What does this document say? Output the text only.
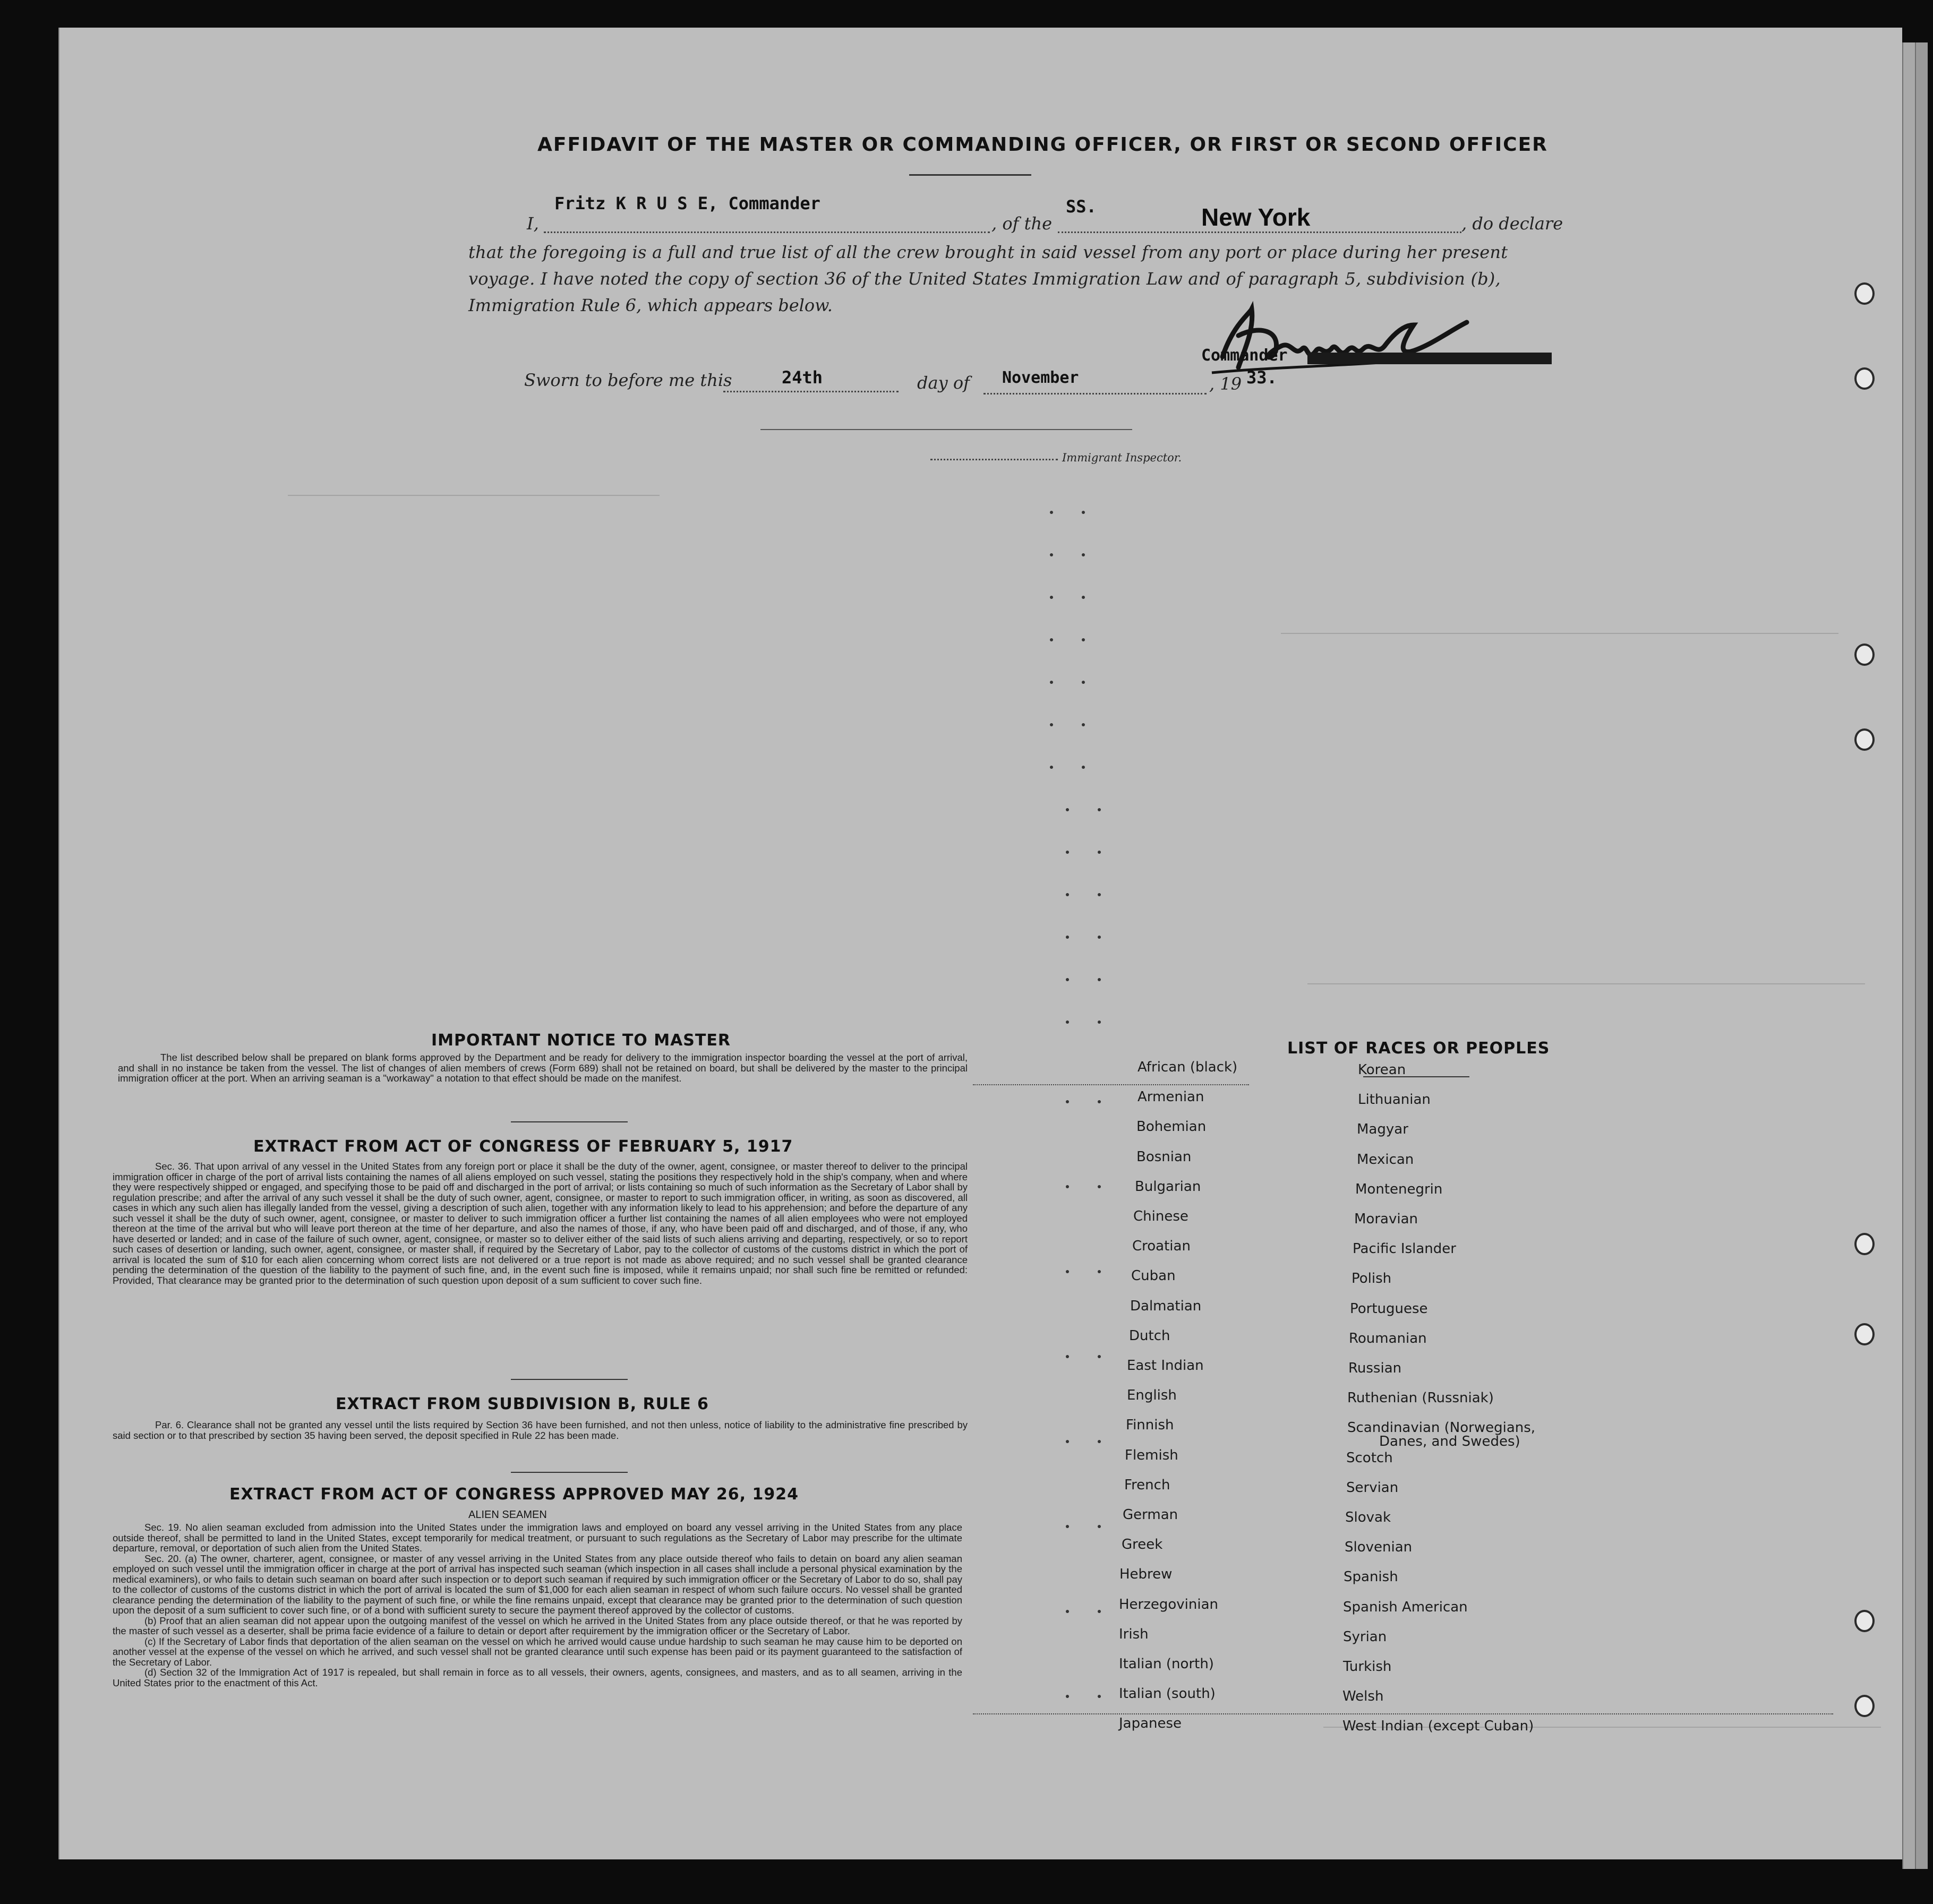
AFFIDAVIT OF THE MASTER OR COMMANDING OFFICER, OR FIRST OR SECOND OFFICER
I,
Fritz K R U S E, Commander
, of the
SS.	New York	, do declare
that the foregoing is a full and true list of all the crew brought in said vessel from any port or place during her present
voyage. I have noted the copy of section 36 of the United States Immigration Law and of paragraph 5, subdivision (b),
Immigration Rule 6, which appears below.
Commander
Sworn to before me this	24th	day of November	, 19 33.
Immigrant Inspector.
IMPORTANT NOTICE TO MASTER
The list described below shall be prepared on blank forms approved by the Department and be ready for delivery to the immigration inspector boarding the vessel at the port of arrival, and shall in no instance be taken from the vessel. The list of changes of alien members of crews (Form 689) shall not be retained on board, but shall be delivered by the master to the principal immigration officer at the port. When an arriving seaman is a "workaway" a notation to that effect should be made on the manifest.
EXTRACT FROM ACT OF CONGRESS OF FEBRUARY 5, 1917
Sec. 36. That upon arrival of any vessel in the United States from any foreign port or place it shall be the duty of the owner, agent, consignee, or master thereof to deliver to the principal immigration officer in charge of the port of arrival lists containing the names of all aliens employed on such vessel, stating the positions they respectively hold in the ship's company, when and where they were respectively shipped or engaged, and specifying those to be paid off and discharged in the port of arrival; or lists containing so much of such information as the Secretary of Labor shall by regulation prescribe; and after the arrival of any such vessel it shall be the duty of such owner, agent, consignee, or master to report to such immigration officer, in writing, as soon as discovered, all cases in which any such alien has illegally landed from the vessel, giving a description of such alien, together with any information likely to lead to his apprehension; and before the departure of any such vessel it shall be the duty of such owner, agent, consignee, or master to deliver to such immigration officer a further list containing the names of all alien employees who were not employed thereon at the time of the arrival but who will leave port thereon at the time of her departure, and also the names of those, if any, who have been paid off and discharged, and of those, if any, who have deserted or landed; and in case of the failure of such owner, agent, consignee, or master so to deliver either of the said lists of such aliens arriving and departing, respectively, or so to report such cases of desertion or landing, such owner, agent, consignee, or master shall, if required by the Secretary of Labor, pay to the collector of customs of the customs district in which the port of arrival is located the sum of $10 for each alien concerning whom correct lists are not delivered or a true report is not made as above required; and no such vessel shall be granted clearance pending the determination of the question of the liability to the payment of such fine, and, in the event such fine is imposed, while it remains unpaid; nor shall such fine be remitted or refunded: Provided, That clearance may be granted prior to the determination of such question upon deposit of a sum sufficient to cover such fine.
EXTRACT FROM SUBDIVISION B, RULE 6
Par. 6. Clearance shall not be granted any vessel until the lists required by Section 36 have been furnished, and not then unless, notice of liability to the administrative fine prescribed by said section or to that prescribed by section 35 having been served, the deposit specified in Rule 22 has been made.
EXTRACT FROM ACT OF CONGRESS APPROVED MAY 26, 1924
ALIEN SEAMEN
Sec. 19. No alien seaman excluded from admission into the United States under the immigration laws and employed on board any vessel arriving in the United States from any place outside thereof, shall be permitted to land in the United States, except temporarily for medical treatment, or pursuant to such regulations as the Secretary of Labor may prescribe for the ultimate departure, removal, or deportation of such alien from the United States.
Sec. 20. (a) The owner, charterer, agent, consignee, or master of any vessel arriving in the United States from any place outside thereof who fails to detain on board any alien seaman employed on such vessel until the immigration officer in charge at the port of arrival has inspected such seaman (which inspection in all cases shall include a personal physical examination by the medical examiners), or who fails to detain such seaman on board after such inspection or to deport such seaman if required by such immigration officer or the Secretary of Labor to do so, shall pay to the collector of customs of the customs district in which the port of arrival is located the sum of $1,000 for each alien seaman in respect of whom such failure occurs. No vessel shall be granted clearance pending the determination of the liability to the payment of such fine, or while the fine remains unpaid, except that clearance may be granted prior to the determination of such question upon the deposit of a sum sufficient to cover such fine, or of a bond with sufficient surety to secure the payment thereof approved by the collector of customs.
(b) Proof that an alien seaman did not appear upon the outgoing manifest of the vessel on which he arrived in the United States from any place outside thereof, or that he was reported by the master of such vessel as a deserter, shall be prima facie evidence of a failure to detain or deport after requirement by the immigration officer or the Secretary of Labor.
(c) If the Secretary of Labor finds that deportation of the alien seaman on the vessel on which he arrived would cause undue hardship to such seaman he may cause him to be deported on another vessel at the expense of the vessel on which he arrived, and such vessel shall not be granted clearance until such expense has been paid or its payment guaranteed to the satisfaction of the Secretary of Labor.
(d) Section 32 of the Immigration Act of 1917 is repealed, but shall remain in force as to all vessels, their owners, agents, consignees, and masters, and as to all seamen, arriving in the United States prior to the enactment of this Act.
LIST OF RACES OR PEOPLES
African (black)
Armenian
Bohemian
Bosnian
Bulgarian
Chinese
Croatian
Cuban
Dalmatian
Dutch
East Indian
English
Finnish
Flemish
French
German
Greek
Hebrew
Herzegovinian
Irish
Italian (north)
Italian (south)
Japanese
Korean
Lithuanian
Magyar
Mexican
Montenegrin
Moravian
Pacific Islander
Polish
Portuguese
Roumanian
Russian
Ruthenian (Russniak)
Scandinavian (Norwegians,
Danes, and Swedes)
Scotch
Servian
Slovak
Slovenian
Spanish
Spanish American
Syrian
Turkish
Welsh
West Indian (except Cuban)
